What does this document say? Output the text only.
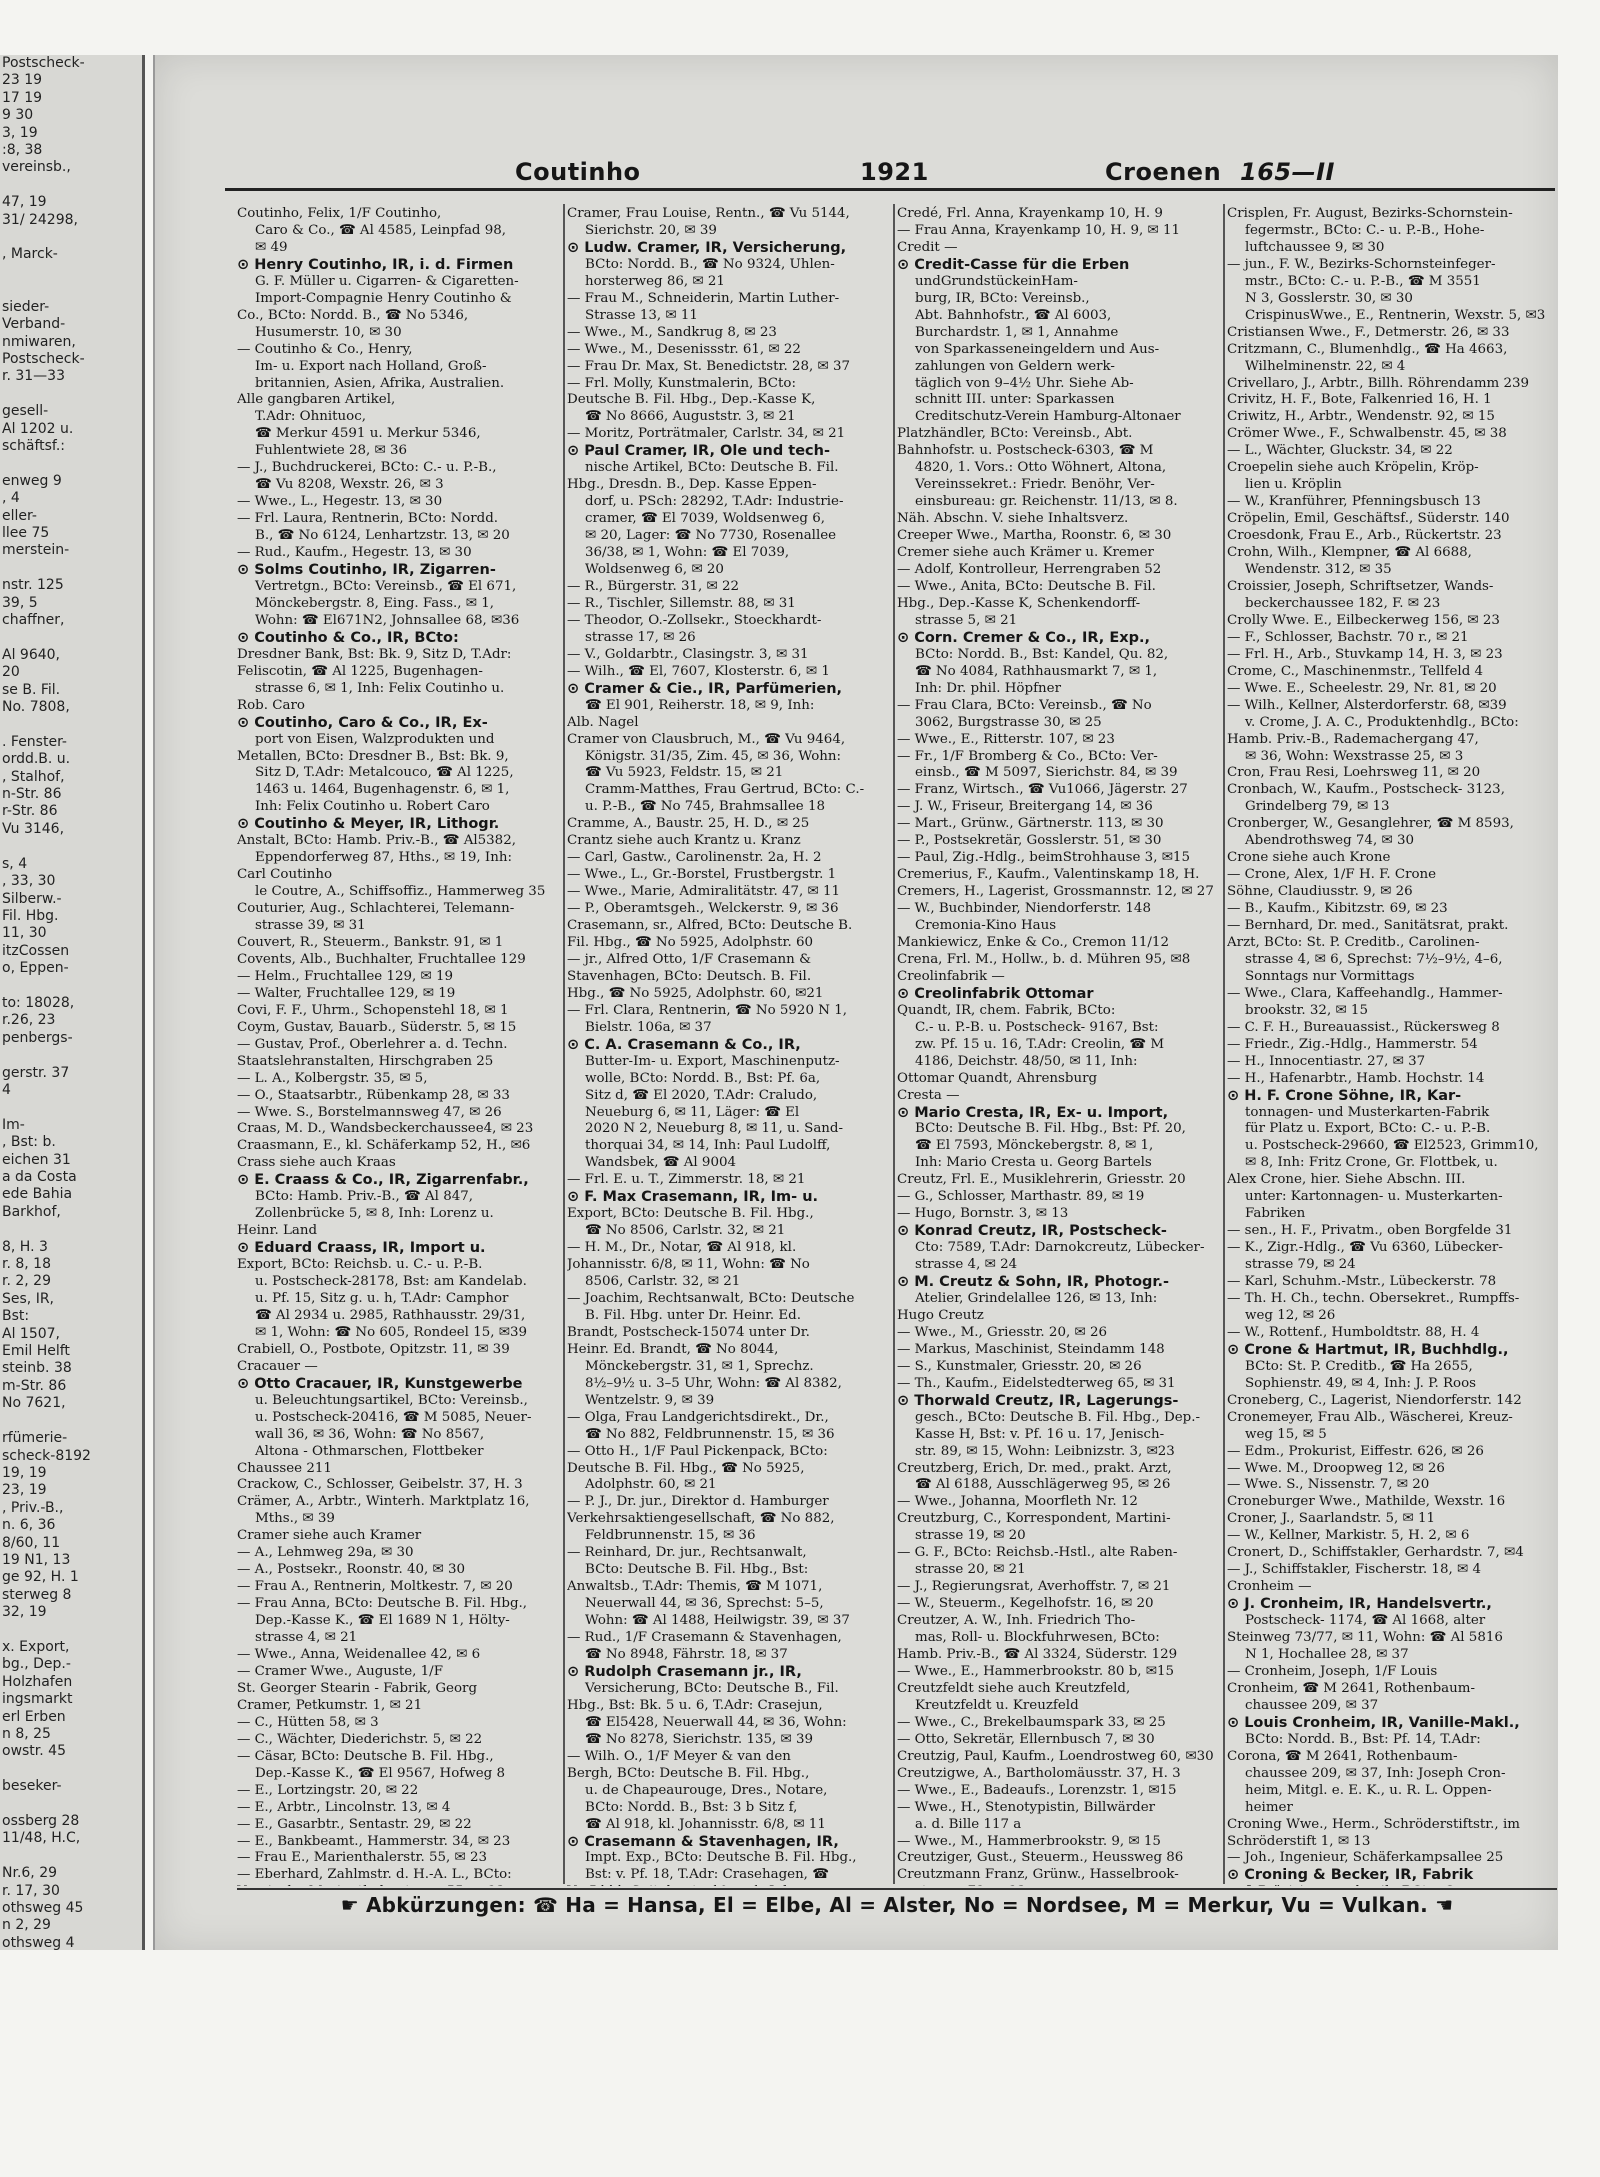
Postscheck-
23 19
17 19
9 30
3, 19
:8, 38
vereinsb.,

47, 19
31/ 24298,

, Marck-

sieder-
Verband-
nmiwaren,
Postscheck-
r. 31—33

gesell-
Al 1202 u.
schäftsf.:

enweg 9
, 4
eller-
llee 75
merstein-

nstr. 125
39, 5
chaffner,

Al 9640,
20
se B. Fil.
No. 7808,

. Fenster-
ordd.B. u.
, Stalhof,
n-Str. 86
r-Str. 86
Vu 3146,

s, 4
, 33, 30
Silberw.-
Fil. Hbg.
11, 30
itzCossen
o, Eppen-

to: 18028,
r.26, 23
penbergs-

gerstr. 37
4

Im-
, Bst: b.
eichen 31
a da Costa
ede Bahia
Barkhof,

8, H. 3
r. 8, 18
r. 2, 29
Ses, IR,
Bst:
Al 1507,
Emil Helft
steinb. 38
m-Str. 86
No 7621,

rfümerie-
scheck-8192
19, 19
23, 19
, Priv.-B.,
n. 6, 36
8/60, 11
19 N1, 13
ge 92, H. 1
sterweg 8
32, 19

x. Export,
bg., Dep.-
Holzhafen
ingsmarkt
erl Erben
n 8, 25
owstr. 45

beseker-

ossberg 28
11/48, H.C,

Nr.6, 29
r. 17, 30
othsweg 45
n 2, 29
othsweg 4

Coutinho	1921	Croenen 165—II
Coutinho, Felix, 1/F Coutinho,
Caro & Co., ☎ Al 4585, Leinpfad 98,
✉ 49
⊙ Henry Coutinho, IR, i. d. Firmen
G. F. Müller u. Cigarren- & Cigaretten-
Import-Compagnie Henry Coutinho &
Co., BCto: Nordd. B., ☎ No 5346,
Husumerstr. 10, ✉ 30
— Coutinho & Co., Henry,
Im- u. Export nach Holland, Groß-
britannien, Asien, Afrika, Australien.
Alle gangbaren Artikel,
T.Adr: Ohnituoc,
☎ Merkur 4591 u. Merkur 5346,
Fuhlentwiete 28, ✉ 36
— J., Buchdruckerei, BCto: C.- u. P.-B.,
☎ Vu 8208, Wexstr. 26, ✉ 3
— Wwe., L., Hegestr. 13, ✉ 30
— Frl. Laura, Rentnerin, BCto: Nordd.
B., ☎ No 6124, Lenhartzstr. 13, ✉ 20
— Rud., Kaufm., Hegestr. 13, ✉ 30
⊙ Solms Coutinho, IR, Zigarren-
Vertretgn., BCto: Vereinsb., ☎ El 671,
Mönckebergstr. 8, Eing. Fass., ✉ 1,
Wohn: ☎ El671N2, Johnsallee 68, ✉36
⊙ Coutinho & Co., IR, BCto:
Dresdner Bank, Bst: Bk. 9, Sitz D, T.Adr:
Feliscotin, ☎ Al 1225, Bugenhagen-
strasse 6, ✉ 1, Inh: Felix Coutinho u.
Rob. Caro
⊙ Coutinho, Caro & Co., IR, Ex-
port von Eisen, Walzprodukten und
Metallen, BCto: Dresdner B., Bst: Bk. 9,
Sitz D, T.Adr: Metalcouco, ☎ Al 1225,
1463 u. 1464, Bugenhagenstr. 6, ✉ 1,
Inh: Felix Coutinho u. Robert Caro
⊙ Coutinho & Meyer, IR, Lithogr.
Anstalt, BCto: Hamb. Priv.-B., ☎ Al5382,
Eppendorferweg 87, Hths., ✉ 19, Inh:
Carl Coutinho
le Coutre, A., Schiffsoffiz., Hammerweg 35
Couturier, Aug., Schlachterei, Telemann-
strasse 39, ✉ 31
Couvert, R., Steuerm., Bankstr. 91, ✉ 1
Covents, Alb., Buchhalter, Fruchtallee 129
— Helm., Fruchtallee 129, ✉ 19
— Walter, Fruchtallee 129, ✉ 19
Covi, F. F., Uhrm., Schopenstehl 18, ✉ 1
Coym, Gustav, Bauarb., Süderstr. 5, ✉ 15
— Gustav, Prof., Oberlehrer a. d. Techn.
Staatslehranstalten, Hirschgraben 25
— L. A., Kolbergstr. 35, ✉ 5,
— O., Staatsarbtr., Rübenkamp 28, ✉ 33
— Wwe. S., Borstelmannsweg 47, ✉ 26
Craas, M. D., Wandsbeckerchaussee4, ✉ 23
Craasmann, E., kl. Schäferkamp 52, H., ✉6
Crass siehe auch Kraas
⊙ E. Craass & Co., IR, Zigarrenfabr.,
BCto: Hamb. Priv.-B., ☎ Al 847,
Zollenbrücke 5, ✉ 8, Inh: Lorenz u.
Heinr. Land
⊙ Eduard Craass, IR, Import u.
Export, BCto: Reichsb. u. C.- u. P.-B.
u. Postscheck-28178, Bst: am Kandelab.
u. Pf. 15, Sitz g. u. h, T.Adr: Camphor
☎ Al 2934 u. 2985, Rathhausstr. 29/31,
✉ 1, Wohn: ☎ No 605, Rondeel 15, ✉39
Crabiell, O., Postbote, Opitzstr. 11, ✉ 39
Cracauer —
⊙ Otto Cracauer, IR, Kunstgewerbe
u. Beleuchtungsartikel, BCto: Vereinsb.,
u. Postscheck-20416, ☎ M 5085, Neuer-
wall 36, ✉ 36, Wohn: ☎ No 8567,
Altona - Othmarschen, Flottbeker
Chaussee 211
Crackow, C., Schlosser, Geibelstr. 37, H. 3
Crämer, A., Arbtr., Winterh. Marktplatz 16,
Mths., ✉ 39
Cramer siehe auch Kramer
— A., Lehmweg 29a, ✉ 30
— A., Postsekr., Roonstr. 40, ✉ 30
— Frau A., Rentnerin, Moltkestr. 7, ✉ 20
— Frau Anna, BCto: Deutsche B. Fil. Hbg.,
Dep.-Kasse K., ☎ El 1689 N 1, Hölty-
strasse 4, ✉ 21
— Wwe., Anna, Weidenallee 42, ✉ 6
— Cramer Wwe., Auguste, 1/F
St. Georger Stearin - Fabrik, Georg
Cramer, Petkumstr. 1, ✉ 21
— C., Hütten 58, ✉ 3
— C., Wächter, Diederichstr. 5, ✉ 22
— Cäsar, BCto: Deutsche B. Fil. Hbg.,
Dep.-Kasse K., ☎ El 9567, Hofweg 8
— E., Lortzingstr. 20, ✉ 22
— E., Arbtr., Lincolnstr. 13, ✉ 4
— E., Gasarbtr., Sentastr. 29, ✉ 22
— E., Bankbeamt., Hammerstr. 34, ✉ 23
— Frau E., Marienthalerstr. 55, ✉ 23
— Eberhard, Zahlmstr. d. H.-A. L., BCto:
Cramer, Frau Louise, Rentn., ☎ Vu 5144,
Sierichstr. 20, ✉ 39
⊙ Ludw. Cramer, IR, Versicherung,
BCto: Nordd. B., ☎ No 9324, Uhlen-
horsterweg 86, ✉ 21
— Frau M., Schneiderin, Martin Luther-
Strasse 13, ✉ 11
— Wwe., M., Sandkrug 8, ✉ 23
— Wwe., M., Desenissstr. 61, ✉ 22
— Frau Dr. Max, St. Benedictstr. 28, ✉ 37
— Frl. Molly, Kunstmalerin, BCto:
Deutsche B. Fil. Hbg., Dep.-Kasse K,
☎ No 8666, Auguststr. 3, ✉ 21
— Moritz, Porträtmaler, Carlstr. 34, ✉ 21
⊙ Paul Cramer, IR, Ole und tech-
nische Artikel, BCto: Deutsche B. Fil.
Hbg., Dresdn. B., Dep. Kasse Eppen-
dorf, u. PSch: 28292, T.Adr: Industrie-
cramer, ☎ El 7039, Woldsenweg 6,
✉ 20, Lager: ☎ No 7730, Rosenallee
36/38, ✉ 1, Wohn: ☎ El 7039,
Woldsenweg 6, ✉ 20
— R., Bürgerstr. 31, ✉ 22
— R., Tischler, Sillemstr. 88, ✉ 31
— Theodor, O.-Zollsekr., Stoeckhardt-
strasse 17, ✉ 26
— V., Goldarbtr., Clasingstr. 3, ✉ 31
— Wilh., ☎ El, 7607, Klosterstr. 6, ✉ 1
⊙ Cramer & Cie., IR, Parfümerien,
☎ El 901, Reiherstr. 18, ✉ 9, Inh:
Alb. Nagel
Cramer von Clausbruch, M., ☎ Vu 9464,
Königstr. 31/35, Zim. 45, ✉ 36, Wohn:
☎ Vu 5923, Feldstr. 15, ✉ 21
Cramm-Matthes, Frau Gertrud, BCto: C.-
u. P.-B., ☎ No 745, Brahmsallee 18
Cramme, A., Baustr. 25, H. D., ✉ 25
Crantz siehe auch Krantz u. Kranz
— Carl, Gastw., Carolinenstr. 2a, H. 2
— Wwe., L., Gr.-Borstel, Frustbergstr. 1
— Wwe., Marie, Admiralitätstr. 47, ✉ 11
— P., Oberamtsgeh., Welckerstr. 9, ✉ 36
Crasemann, sr., Alfred, BCto: Deutsche B.
Fil. Hbg., ☎ No 5925, Adolphstr. 60
— jr., Alfred Otto, 1/F Crasemann &
Stavenhagen, BCto: Deutsch. B. Fil.
Hbg., ☎ No 5925, Adolphstr. 60, ✉21
— Frl. Clara, Rentnerin, ☎ No 5920 N 1,
Bielstr. 106a, ✉ 37
⊙ C. A. Crasemann & Co., IR,
Butter-Im- u. Export, Maschinenputz-
wolle, BCto: Nordd. B., Bst: Pf. 6a,
Sitz d, ☎ El 2020, T.Adr: Craludo,
Neueburg 6, ✉ 11, Läger: ☎ El
2020 N 2, Neueburg 8, ✉ 11, u. Sand-
thorquai 34, ✉ 14, Inh: Paul Ludolff,
Wandsbek, ☎ Al 9004
— Frl. E. u. T., Zimmerstr. 18, ✉ 21
⊙ F. Max Crasemann, IR, Im- u.
Export, BCto: Deutsche B. Fil. Hbg.,
☎ No 8506, Carlstr. 32, ✉ 21
— H. M., Dr., Notar, ☎ Al 918, kl.
Johannisstr. 6/8, ✉ 11, Wohn: ☎ No
8506, Carlstr. 32, ✉ 21
— Joachim, Rechtsanwalt, BCto: Deutsche
B. Fil. Hbg. unter Dr. Heinr. Ed.
Brandt, Postscheck-15074 unter Dr.
Heinr. Ed. Brandt, ☎ No 8044,
Mönckebergstr. 31, ✉ 1, Sprechz.
8½–9½ u. 3–5 Uhr, Wohn: ☎ Al 8382,
Wentzelstr. 9, ✉ 39
— Olga, Frau Landgerichtsdirekt., Dr.,
☎ No 882, Feldbrunnenstr. 15, ✉ 36
— Otto H., 1/F Paul Pickenpack, BCto:
Deutsche B. Fil. Hbg., ☎ No 5925,
Adolphstr. 60, ✉ 21
— P. J., Dr. jur., Direktor d. Hamburger
Verkehrsaktiengesellschaft, ☎ No 882,
Feldbrunnenstr. 15, ✉ 36
— Reinhard, Dr. jur., Rechtsanwalt,
BCto: Deutsche B. Fil. Hbg., Bst:
Anwaltsb., T.Adr: Themis, ☎ M 1071,
Neuerwall 44, ✉ 36, Sprechst: 5–5,
Wohn: ☎ Al 1488, Heilwigstr. 39, ✉ 37
— Rud., 1/F Crasemann & Stavenhagen,
☎ No 8948, Fährstr. 18, ✉ 37
⊙ Rudolph Crasemann jr., IR,
Versicherung, BCto: Deutsche B., Fil.
Hbg., Bst: Bk. 5 u. 6, T.Adr: Crasejun,
☎ El5428, Neuerwall 44, ✉ 36, Wohn:
☎ No 8278, Sierichstr. 135, ✉ 39
— Wilh. O., 1/F Meyer & van den
Bergh, BCto: Deutsche B. Fil. Hbg.,
u. de Chapeaurouge, Dres., Notare,
BCto: Nordd. B., Bst: 3 b Sitz f,
☎ Al 918, kl. Johannisstr. 6/8, ✉ 11
⊙ Crasemann & Stavenhagen, IR,
Impt. Exp., BCto: Deutsche B. Fil. Hbg.,
Bst: v. Pf. 18, T.Adr: Crasehagen, ☎
Credé, Frl. Anna, Krayenkamp 10, H. 9
— Frau Anna, Krayenkamp 10, H. 9, ✉ 11
Credit —
⊙ Credit-Casse für die Erben
undGrundstückeinHam-
burg, IR, BCto: Vereinsb.,
Abt. Bahnhofstr., ☎ Al 6003,
Burchardstr. 1, ✉ 1, Annahme
von Sparkasseneingeldern und Aus-
zahlungen von Geldern werk-
täglich von 9–4½ Uhr. Siehe Ab-
schnitt III. unter: Sparkassen
Creditschutz-Verein Hamburg-Altonaer
Platzhändler, BCto: Vereinsb., Abt.
Bahnhofstr. u. Postscheck-6303, ☎ M
4820, 1. Vors.: Otto Wöhnert, Altona,
Vereinssekret.: Friedr. Benöhr, Ver-
einsbureau: gr. Reichenstr. 11/13, ✉ 8.
Näh. Abschn. V. siehe Inhaltsverz.
Creeper Wwe., Martha, Roonstr. 6, ✉ 30
Cremer siehe auch Krämer u. Kremer
— Adolf, Kontrolleur, Herrengraben 52
— Wwe., Anita, BCto: Deutsche B. Fil.
Hbg., Dep.-Kasse K, Schenkendorff-
strasse 5, ✉ 21
⊙ Corn. Cremer & Co., IR, Exp.,
BCto: Nordd. B., Bst: Kandel, Qu. 82,
☎ No 4084, Rathhausmarkt 7, ✉ 1,
Inh: Dr. phil. Höpfner
— Frau Clara, BCto: Vereinsb., ☎ No
3062, Burgstrasse 30, ✉ 25
— Wwe., E., Ritterstr. 107, ✉ 23
— Fr., 1/F Bromberg & Co., BCto: Ver-
einsb., ☎ M 5097, Sierichstr. 84, ✉ 39
— Franz, Wirtsch., ☎ Vu1066, Jägerstr. 27
— J. W., Friseur, Breitergang 14, ✉ 36
— Mart., Grünw., Gärtnerstr. 113, ✉ 30
— P., Postsekretär, Gosslerstr. 51, ✉ 30
— Paul, Zig.-Hdlg., beimStrohhause 3, ✉15
Cremerius, F., Kaufm., Valentinskamp 18, H.
Cremers, H., Lagerist, Grossmannstr. 12, ✉ 27
— W., Buchbinder, Niendorferstr. 148
Cremonia-Kino Haus
Mankiewicz, Enke & Co., Cremon 11/12
Crena, Frl. M., Hollw., b. d. Mühren 95, ✉8
Creolinfabrik —
⊙ Creolinfabrik Ottomar
Quandt, IR, chem. Fabrik, BCto:
C.- u. P.-B. u. Postscheck- 9167, Bst:
zw. Pf. 15 u. 16, T.Adr: Creolin, ☎ M
4186, Deichstr. 48/50, ✉ 11, Inh:
Ottomar Quandt, Ahrensburg
Cresta —
⊙ Mario Cresta, IR, Ex- u. Import,
BCto: Deutsche B. Fil. Hbg., Bst: Pf. 20,
☎ El 7593, Mönckebergstr. 8, ✉ 1,
Inh: Mario Cresta u. Georg Bartels
Creutz, Frl. E., Musiklehrerin, Griesstr. 20
— G., Schlosser, Marthastr. 89, ✉ 19
— Hugo, Bornstr. 3, ✉ 13
⊙ Konrad Creutz, IR, Postscheck-
Cto: 7589, T.Adr: Darnokcreutz, Lübecker-
strasse 4, ✉ 24
⊙ M. Creutz & Sohn, IR, Photogr.-
Atelier, Grindelallee 126, ✉ 13, Inh:
Hugo Creutz
— Wwe., M., Griesstr. 20, ✉ 26
— Markus, Maschinist, Steindamm 148
— S., Kunstmaler, Griesstr. 20, ✉ 26
— Th., Kaufm., Eidelstedterweg 65, ✉ 31
⊙ Thorwald Creutz, IR, Lagerungs-
gesch., BCto: Deutsche B. Fil. Hbg., Dep.-
Kasse H, Bst: v. Pf. 16 u. 17, Jenisch-
str. 89, ✉ 15, Wohn: Leibnizstr. 3, ✉23
Creutzberg, Erich, Dr. med., prakt. Arzt,
☎ Al 6188, Ausschlägerweg 95, ✉ 26
— Wwe., Johanna, Moorfleth Nr. 12
Creutzburg, C., Korrespondent, Martini-
strasse 19, ✉ 20
— G. F., BCto: Reichsb.-Hstl., alte Raben-
strasse 20, ✉ 21
— J., Regierungsrat, Averhoffstr. 7, ✉ 21
— W., Steuerm., Kegelhofstr. 16, ✉ 20
Creutzer, A. W., Inh. Friedrich Tho-
mas, Roll- u. Blockfuhrwesen, BCto:
Hamb. Priv.-B., ☎ Al 3324, Süderstr. 129
— Wwe., E., Hammerbrookstr. 80 b, ✉15
Creutzfeldt siehe auch Kreutzfeld,
Kreutzfeldt u. Kreuzfeld
— Wwe., C., Brekelbaumspark 33, ✉ 25
— Otto, Sekretär, Ellernbusch 7, ✉ 30
Creutzig, Paul, Kaufm., Loendrostweg 60, ✉30
Creutzigwe, A., Bartholomäusstr. 37, H. 3
— Wwe., E., Badeaufs., Lorenzstr. 1, ✉15
— Wwe., H., Stenotypistin, Billwärder
a. d. Bille 117 a
— Wwe., M., Hammerbrookstr. 9, ✉ 15
Creutziger, Gust., Steuerm., Heussweg 86
Creutzmann Franz, Grünw., Hasselbrook-
Crisplen, Fr. August, Bezirks-Schornstein-
fegermstr., BCto: C.- u. P.-B., Hohe-
luftchaussee 9, ✉ 30
— jun., F. W., Bezirks-Schornsteinfeger-
mstr., BCto: C.- u. P.-B., ☎ M 3551
N 3, Gosslerstr. 30, ✉ 30
CrispinusWwe., E., Rentnerin, Wexstr. 5, ✉3
Cristiansen Wwe., F., Detmerstr. 26, ✉ 33
Critzmann, C., Blumenhdlg., ☎ Ha 4663,
Wilhelminenstr. 22, ✉ 4
Crivellaro, J., Arbtr., Billh. Röhrendamm 239
Crivitz, H. F., Bote, Falkenried 16, H. 1
Criwitz, H., Arbtr., Wendenstr. 92, ✉ 15
Crömer Wwe., F., Schwalbenstr. 45, ✉ 38
— L., Wächter, Gluckstr. 34, ✉ 22
Croepelin siehe auch Kröpelin, Kröp-
lien u. Kröplin
— W., Kranführer, Pfenningsbusch 13
Cröpelin, Emil, Geschäftsf., Süderstr. 140
Croesdonk, Frau E., Arb., Rückertstr. 23
Crohn, Wilh., Klempner, ☎ Al 6688,
Wendenstr. 312, ✉ 35
Croissier, Joseph, Schriftsetzer, Wands-
beckerchaussee 182, F. ✉ 23
Crolly Wwe. E., Eilbeckerweg 156, ✉ 23
— F., Schlosser, Bachstr. 70 r., ✉ 21
— Frl. H., Arb., Stuvkamp 14, H. 3, ✉ 23
Crome, C., Maschinenmstr., Tellfeld 4
— Wwe. E., Scheelestr. 29, Nr. 81, ✉ 20
— Wilh., Kellner, Alsterdorferstr. 68, ✉39
v. Crome, J. A. C., Produktenhdlg., BCto:
Hamb. Priv.-B., Rademachergang 47,
✉ 36, Wohn: Wexstrasse 25, ✉ 3
Cron, Frau Resi, Loehrsweg 11, ✉ 20
Cronbach, W., Kaufm., Postscheck- 3123,
Grindelberg 79, ✉ 13
Cronberger, W., Gesanglehrer, ☎ M 8593,
Abendrothsweg 74, ✉ 30
Crone siehe auch Krone
— Crone, Alex, 1/F H. F. Crone
Söhne, Claudiusstr. 9, ✉ 26
— B., Kaufm., Kibitzstr. 69, ✉ 23
— Bernhard, Dr. med., Sanitätsrat, prakt.
Arzt, BCto: St. P. Creditb., Carolinen-
strasse 4, ✉ 6, Sprechst: 7½–9½, 4–6,
Sonntags nur Vormittags
— Wwe., Clara, Kaffeehandlg., Hammer-
brookstr. 32, ✉ 15
— C. F. H., Bureauassist., Rückersweg 8
— Friedr., Zig.-Hdlg., Hammerstr. 54
— H., Innocentiastr. 27, ✉ 37
— H., Hafenarbtr., Hamb. Hochstr. 14
⊙ H. F. Crone Söhne, IR, Kar-
tonnagen- und Musterkarten-Fabrik
für Platz u. Export, BCto: C.- u. P.-B.
u. Postscheck-29660, ☎ El2523, Grimm10,
✉ 8, Inh: Fritz Crone, Gr. Flottbek, u.
Alex Crone, hier. Siehe Abschn. III.
unter: Kartonnagen- u. Musterkarten-
Fabriken
— sen., H. F., Privatm., oben Borgfelde 31
— K., Zigr.-Hdlg., ☎ Vu 6360, Lübecker-
strasse 79, ✉ 24
— Karl, Schuhm.-Mstr., Lübeckerstr. 78
— Th. H. Ch., techn. Obersekret., Rumpffs-
weg 12, ✉ 26
— W., Rottenf., Humboldtstr. 88, H. 4
⊙ Crone & Hartmut, IR, Buchhdlg.,
BCto: St. P. Creditb., ☎ Ha 2655,
Sophienstr. 49, ✉ 4, Inh: J. P. Roos
Croneberg, C., Lagerist, Niendorferstr. 142
Cronemeyer, Frau Alb., Wäscherei, Kreuz-
weg 15, ✉ 5
— Edm., Prokurist, Eiffestr. 626, ✉ 26
— Wwe. M., Droopweg 12, ✉ 26
— Wwe. S., Nissenstr. 7, ✉ 20
Croneburger Wwe., Mathilde, Wexstr. 16
Croner, J., Saarlandstr. 5, ✉ 11
— W., Kellner, Markistr. 5, H. 2, ✉ 6
Cronert, D., Schiffstakler, Gerhardstr. 7, ✉4
— J., Schiffstakler, Fischerstr. 18, ✉ 4
Cronheim —
⊙ J. Cronheim, IR, Handelsvertr.,
Postscheck- 1174, ☎ Al 1668, alter
Steinweg 73/77, ✉ 11, Wohn: ☎ Al 5816
N 1, Hochallee 28, ✉ 37
— Cronheim, Joseph, 1/F Louis
Cronheim, ☎ M 2641, Rothenbaum-
chaussee 209, ✉ 37
⊙ Louis Cronheim, IR, Vanille-Makl.,
BCto: Nordd. B., Bst: Pf. 14, T.Adr:
Corona, ☎ M 2641, Rothenbaum-
chaussee 209, ✉ 37, Inh: Joseph Cron-
heim, Mitgl. e. E. K., u. R. L. Oppen-
heimer
Croning Wwe., Herm., Schröderstiftstr., im
Schröderstift 1, ✉ 13
— Joh., Ingenieur, Schäferkampsallee 25
⊙ Croning & Becker, IR, Fabrik
☛ Abkürzungen: ☎ Ha = Hansa, El = Elbe, Al = Alster, No = Nordsee, M = Merkur, Vu = Vulkan. ☛
